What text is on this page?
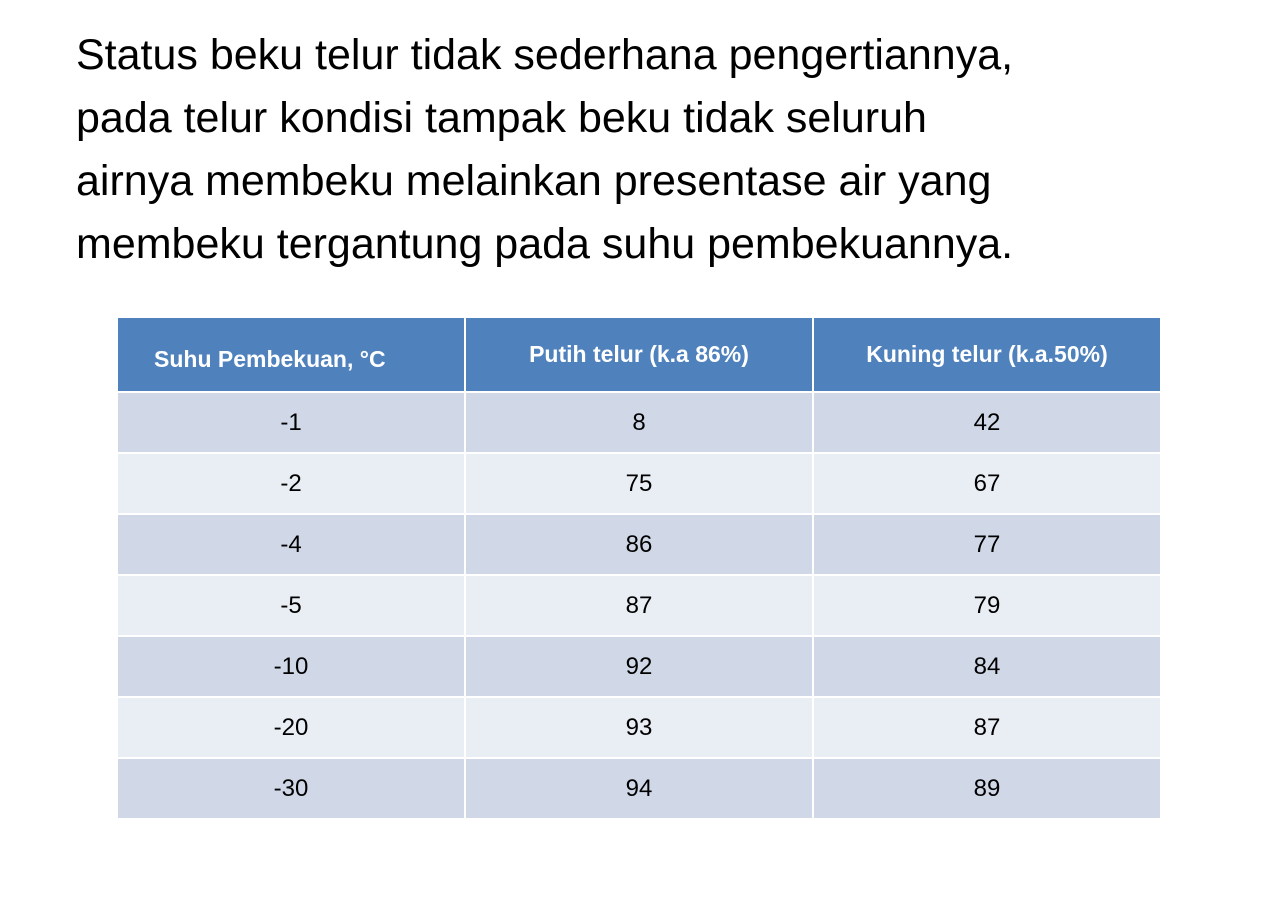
Status beku telur tidak sederhana pengertiannya,
pada telur kondisi tampak beku tidak seluruh
airnya membeku melainkan presentase air yang
membeku tergantung pada suhu pembekuannya.
Suhu Pembekuan, °C	Putih telur (k.a 86%)	Kuning telur (k.a.50%)
-1	8	42
-2	75	67
-4	86	77
-5	87	79
-10	92	84
-20	93	87
-30	94	89
